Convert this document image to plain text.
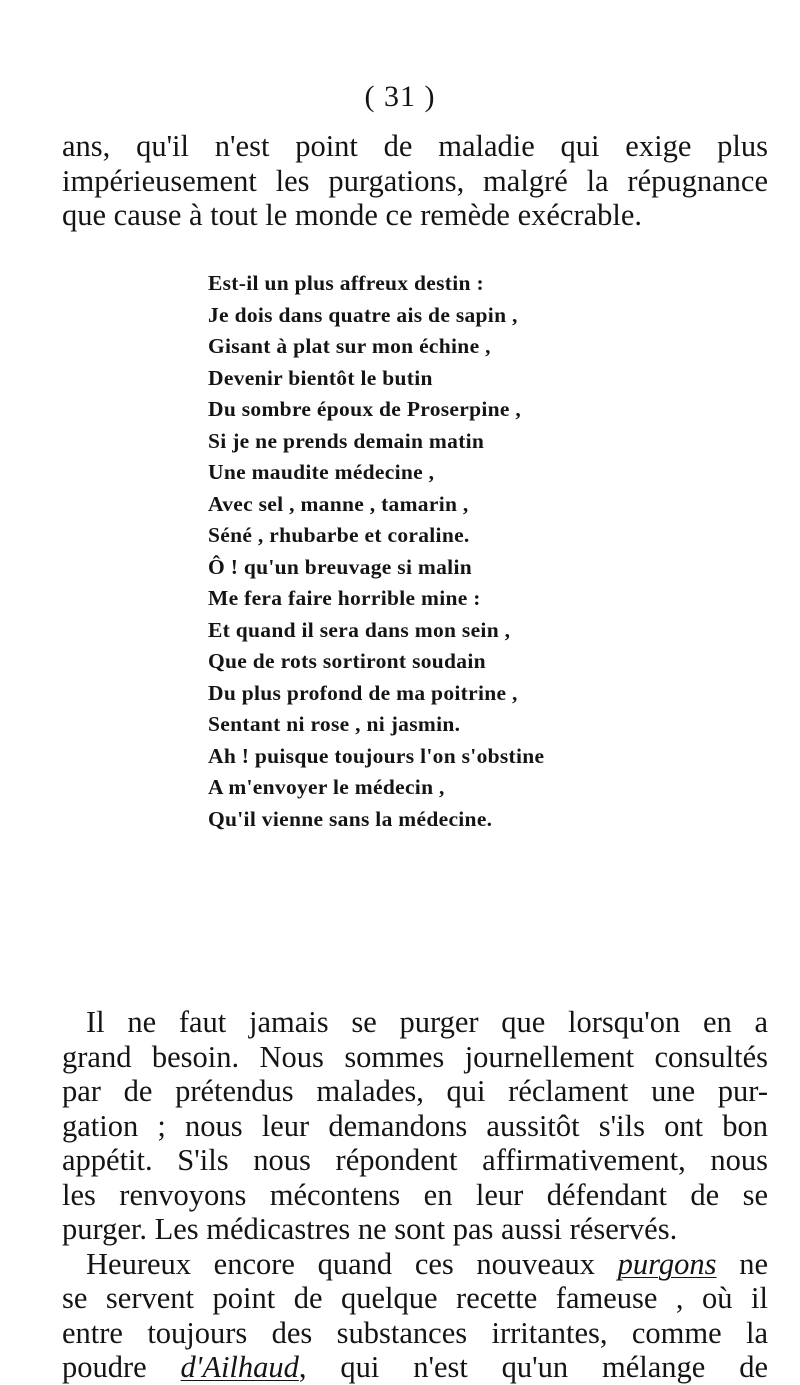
( 31 )
ans, qu'il n'est point de maladie qui exige plus
impérieusement les purgations, malgré la répugnance
que cause à tout le monde ce remède exécrable.
Est-il un plus affreux destin :
Je dois dans quatre ais de sapin ,
Gisant à plat sur mon échine ,
Devenir bientôt le butin
Du sombre époux de Proserpine ,
Si je ne prends demain matin
Une maudite médecine ,
Avec sel , manne , tamarin ,
Séné , rhubarbe et coraline.
Ô ! qu'un breuvage si malin
Me fera faire horrible mine :
Et quand il sera dans mon sein ,
Que de rots sortiront soudain
Du plus profond de ma poitrine ,
Sentant ni rose , ni jasmin.
Ah ! puisque toujours l'on s'obstine
A m'envoyer le médecin ,
Qu'il vienne sans la médecine.
Il ne faut jamais se purger que lorsqu'on en a
grand besoin. Nous sommes journellement consultés
par de prétendus malades, qui réclament une pur-
gation ; nous leur demandons aussitôt s'ils ont bon
appétit. S'ils nous répondent affirmativement, nous
les renvoyons mécontens en leur défendant de se
purger. Les médicastres ne sont pas aussi réservés.
Heureux encore quand ces nouveaux purgons ne
se servent point de quelque recette fameuse , où il
entre toujours des substances irritantes, comme la
poudre d'Ailhaud, qui n'est qu'un mélange de
